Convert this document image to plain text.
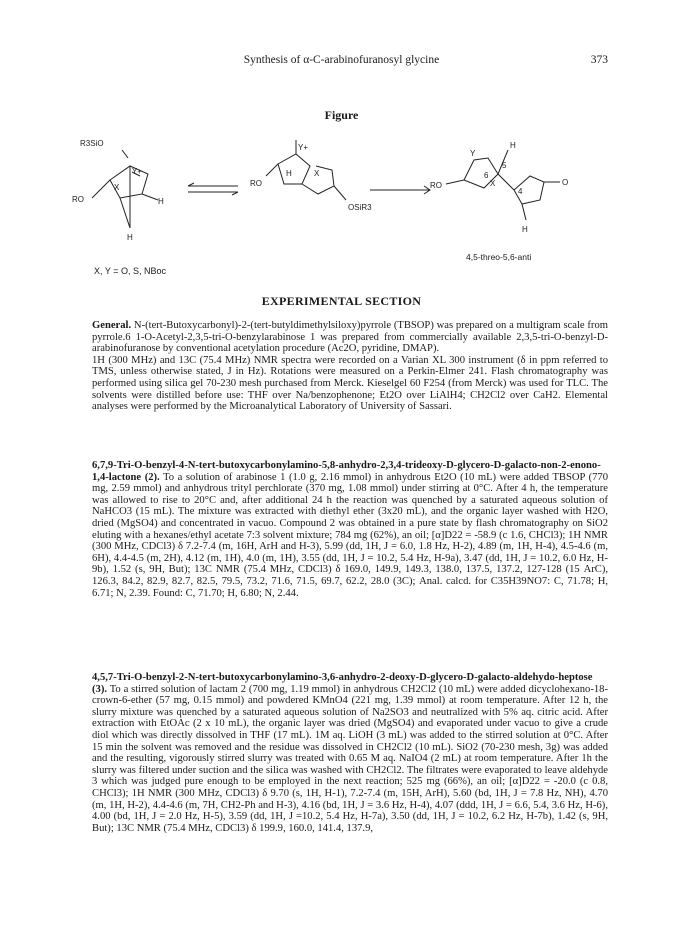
Synthesis of α-C-arabinofuranosyl glycine	373
Figure
R3SiO
RO	H
X
Y+
H
Y+
H	X
RO
OSiR3
Y
H
X
5
6
4
RO	O
H
X, Y = O, S, NBoc
4,5-threo-5,6-anti
EXPERIMENTAL SECTION

General. N-(tert-Butoxycarbonyl)-2-(tert-butyldimethylsiloxy)pyrrole (TBSOP) was prepared on a multigram scale from pyrrole.6 1-O-Acetyl-2,3,5-tri-O-benzylarabinose 1 was prepared from commercially available 2,3,5-tri-O-benzyl-D-arabinofuranose by conventional acetylation procedure (Ac2O, pyridine, DMAP).

1H (300 MHz) and 13C (75.4 MHz) NMR spectra were recorded on a Varian XL 300 instrument (δ in ppm referred to TMS, unless otherwise stated, J in Hz). Rotations were measured on a Perkin-Elmer 241. Flash chromatography was performed using silica gel 70-230 mesh purchased from Merck. Kieselgel 60 F254 (from Merck) was used for TLC. The solvents were distilled before use: THF over Na/benzophenone; Et2O over LiAlH4; CH2Cl2 over CaH2. Elemental analyses were performed by the Microanalytical Laboratory of University of Sassari.

6,7,9-Tri-O-benzyl-4-N-tert-butoxycarbonylamino-5,8-anhydro-2,3,4-trideoxy-D-glycero-D-galacto-non-2-enono-1,4-lactone (2). To a solution of arabinose 1 (1.0 g, 2.16 mmol) in anhydrous Et2O (10 mL) were added TBSOP (770 mg, 2.59 mmol) and anhydrous trityl perchlorate (370 mg, 1.08 mmol) under stirring at 0°C. After 4 h, the temperature was allowed to rise to 20°C and, after additional 24 h the reaction was quenched by a saturated aqueous solution of NaHCO3 (15 mL). The mixture was extracted with diethyl ether (3x20 mL), and the organic layer washed with H2O, dried (MgSO4) and concentrated in vacuo. Compound 2 was obtained in a pure state by flash chromatography on SiO2 eluting with a hexanes/ethyl acetate 7:3 solvent mixture; 784 mg (62%), an oil; [α]D22 = -58.9 (c 1.6, CHCl3); 1H NMR (300 MHz, CDCl3) δ 7.2-7.4 (m, 16H, ArH and H-3), 5.99 (dd, 1H, J = 6.0, 1.8 Hz, H-2), 4.89 (m, 1H, H-4), 4.5-4.6 (m, 6H), 4.4-4.5 (m, 2H), 4.12 (m, 1H), 4.0 (m, 1H), 3.55 (dd, 1H, J = 10.2, 5.4 Hz, H-9a), 3.47 (dd, 1H, J = 10.2, 6.0 Hz, H-9b), 1.52 (s, 9H, But); 13C NMR (75.4 MHz, CDCl3) δ 169.0, 149.9, 149.3, 138.0, 137.5, 137.2, 127-128 (15 ArC), 126.3, 84.2, 82.9, 82.7, 82.5, 79.5, 73.2, 71.6, 71.5, 69.7, 62.2, 28.0 (3C); Anal. calcd. for C35H39NO7: C, 71.78; H, 6.71; N, 2.39. Found: C, 71.70; H, 6.80; N, 2.44.

4,5,7-Tri-O-benzyl-2-N-tert-butoxycarbonylamino-3,6-anhydro-2-deoxy-D-glycero-D-galacto-aldehydo-heptose (3). To a stirred solution of lactam 2 (700 mg, 1.19 mmol) in anhydrous CH2Cl2 (10 mL) were added dicyclohexano-18-crown-6-ether (57 mg, 0.15 mmol) and powdered KMnO4 (221 mg, 1.39 mmol) at room temperature. After 12 h, the slurry mixture was quenched by a saturated aqueous solution of Na2SO3 and neutralized with 5% aq. citric acid. After extraction with EtOAc (2 x 10 mL), the organic layer was dried (MgSO4) and evaporated under vacuo to give a crude diol which was directly dissolved in THF (17 mL). 1M aq. LiOH (3 mL) was added to the stirred solution at 0°C. After 15 min the solvent was removed and the residue was dissolved in CH2Cl2 (10 mL). SiO2 (70-230 mesh, 3g) was added and the resulting, vigorously stirred slurry was treated with 0.65 M aq. NaIO4 (2 mL) at room temperature. After 1h the slurry was filtered under suction and the silica was washed with CH2Cl2. The filtrates were evaporated to leave aldehyde 3 which was judged pure enough to be employed in the next reaction; 525 mg (66%), an oil; [α]D22 = -20.0 (c 0.8, CHCl3); 1H NMR (300 MHz, CDCl3) δ 9.70 (s, 1H, H-1), 7.2-7.4 (m, 15H, ArH), 5.60 (bd, 1H, J = 7.8 Hz, NH), 4.70 (m, 1H, H-2), 4.4-4.6 (m, 7H, CH2-Ph and H-3), 4.16 (bd, 1H, J = 3.6 Hz, H-4), 4.07 (ddd, 1H, J = 6.6, 5.4, 3.6 Hz, H-6), 4.00 (bd, 1H, J = 2.0 Hz, H-5), 3.59 (dd, 1H, J =10.2, 5.4 Hz, H-7a), 3.50 (dd, 1H, J = 10.2, 6.2 Hz, H-7b), 1.42 (s, 9H, But); 13C NMR (75.4 MHz, CDCl3) δ 199.9, 160.0, 141.4, 137.9,
